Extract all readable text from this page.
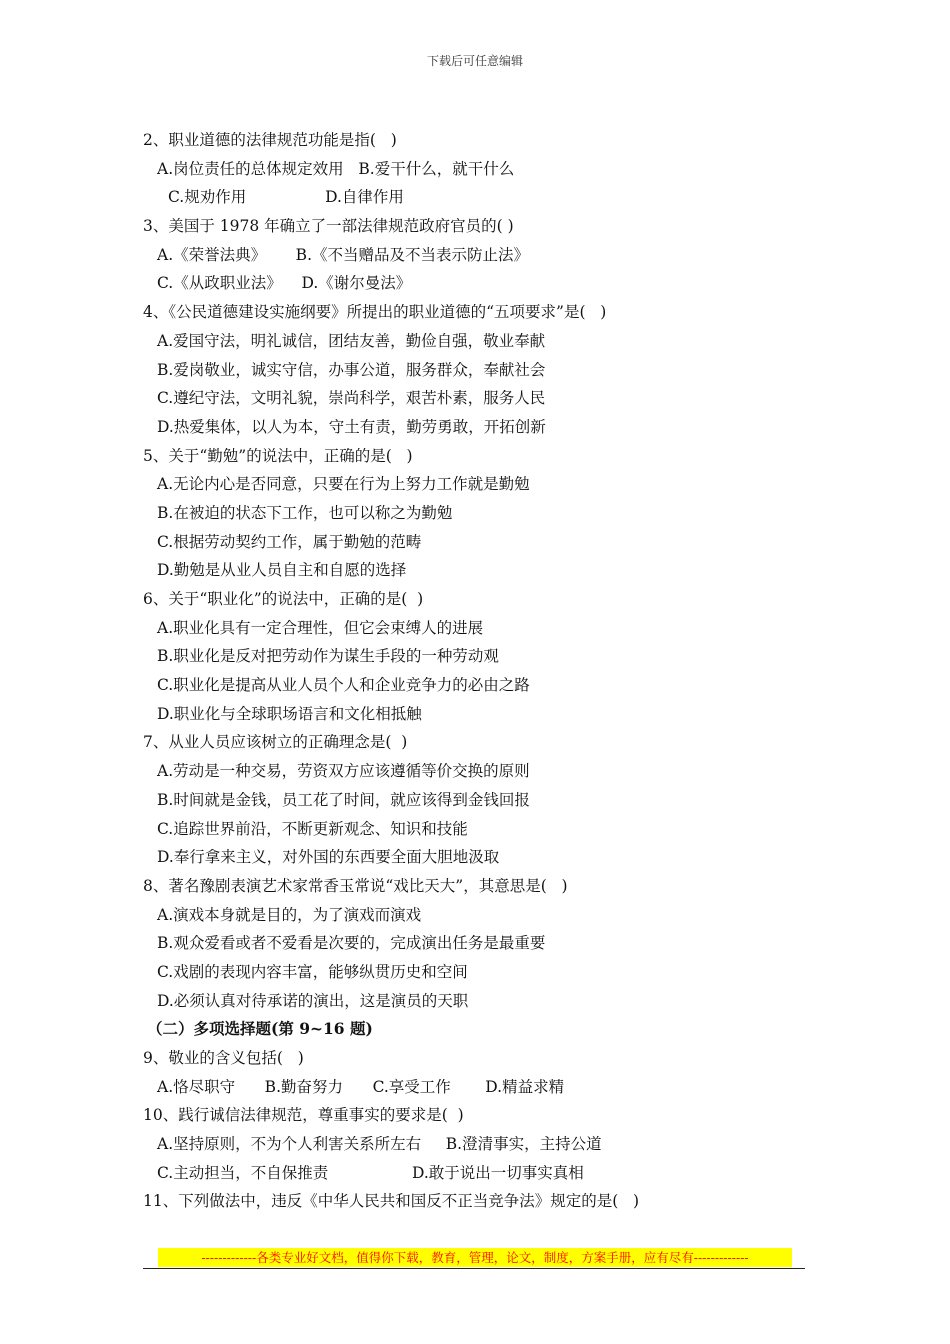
下载后可任意编辑
2、职业道德的法律规范功能是指(   )
A.岗位责任的总体规定效用   B.爱干什么，就干什么
C.规劝作用                D.自律作用
3、美国于 1978 年确立了一部法律规范政府官员的( )
A.《荣誉法典》      B.《不当赠品及不当表示防止法》
C.《从政职业法》    D.《谢尔曼法》
4、《公民道德建设实施纲要》所提出的职业道德的“五项要求”是(   )
A.爱国守法，明礼诚信，团结友善，勤俭自强，敬业奉献
B.爱岗敬业，诚实守信，办事公道，服务群众，奉献社会
C.遵纪守法，文明礼貌，崇尚科学，艰苦朴素，服务人民
D.热爱集体，以人为本，守土有责，勤劳勇敢，开拓创新
5、关于“勤勉”的说法中，正确的是(   )
A.无论内心是否同意，只要在行为上努力工作就是勤勉
B.在被迫的状态下工作，也可以称之为勤勉
C.根据劳动契约工作，属于勤勉的范畴
D.勤勉是从业人员自主和自愿的选择
6、关于“职业化”的说法中，正确的是(  )
A.职业化具有一定合理性，但它会束缚人的进展
B.职业化是反对把劳动作为谋生手段的一种劳动观
C.职业化是提高从业人员个人和企业竞争力的必由之路
D.职业化与全球职场语言和文化相抵触
7、从业人员应该树立的正确理念是(  )
A.劳动是一种交易，劳资双方应该遵循等价交换的原则
B.时间就是金钱，员工花了时间，就应该得到金钱回报
C.追踪世界前沿，不断更新观念、知识和技能
D.奉行拿来主义，对外国的东西要全面大胆地汲取
8、著名豫剧表演艺术家常香玉常说“戏比天大”，其意思是(   )
A.演戏本身就是目的，为了演戏而演戏
B.观众爱看或者不爱看是次要的，完成演出任务是最重要
C.戏剧的表现内容丰富，能够纵贯历史和空间
D.必须认真对待承诺的演出，这是演员的天职
（二）多项选择题(第 9~16 题)
9、敬业的含义包括(   )
A.恪尽职守      B.勤奋努力      C.享受工作       D.精益求精
10、践行诚信法律规范，尊重事实的要求是(  )
A.坚持原则，不为个人利害关系所左右     B.澄清事实，主持公道
C.主动担当，不自保推责                 D.敢于说出一切事实真相
11、下列做法中，违反《中华人民共和国反不正当竞争法》规定的是(   )
-------------各类专业好文档，值得你下载，教育，管理，论文，制度，方案手册，应有尽有-------------
